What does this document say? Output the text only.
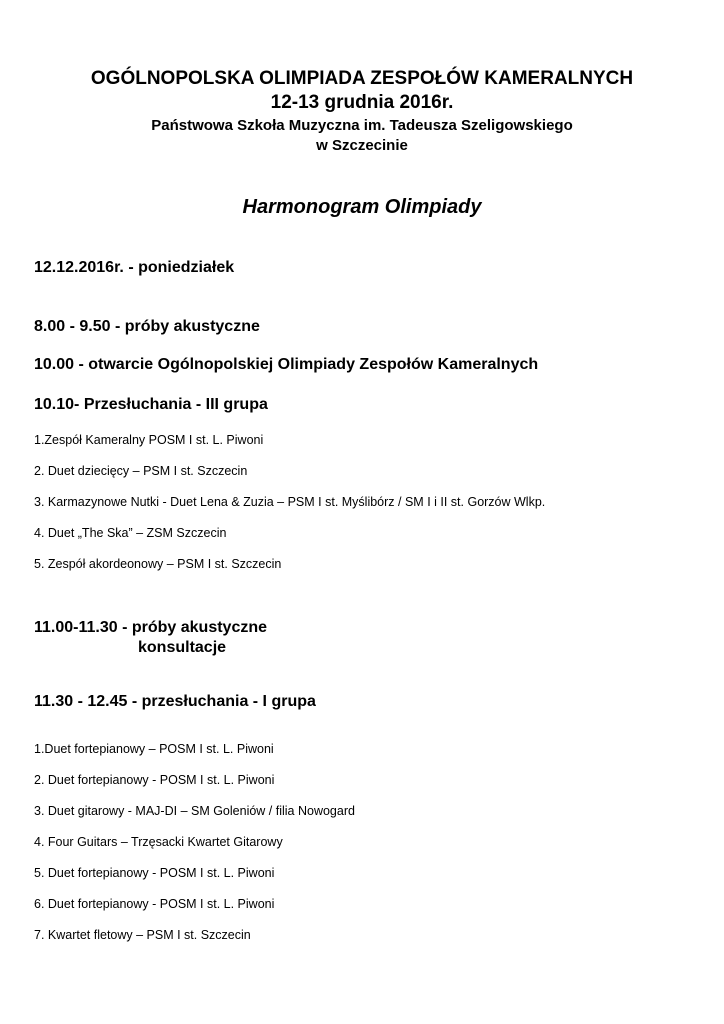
OGÓLNOPOLSKA OLIMPIADA ZESPOŁÓW KAMERALNYCH
12-13 grudnia 2016r.
Państwowa Szkoła Muzyczna im. Tadeusza Szeligowskiego
w Szczecinie
Harmonogram Olimpiady
12.12.2016r. - poniedziałek
8.00 - 9.50 - próby akustyczne
10.00 - otwarcie Ogólnopolskiej Olimpiady Zespołów Kameralnych
10.10- Przesłuchania - III grupa
1.Zespół Kameralny POSM I st. L. Piwoni
2. Duet dziecięcy – PSM I st. Szczecin
3. Karmazynowe Nutki - Duet Lena & Zuzia – PSM I st. Myślibórz / SM I i II st. Gorzów Wlkp.
4. Duet „The Ska” – ZSM Szczecin
5. Zespół akordeonowy – PSM I st. Szczecin
11.00-11.30 - próby akustyczne
konsultacje
11.30 - 12.45 - przesłuchania - I grupa
1.Duet fortepianowy – POSM I st. L. Piwoni
2. Duet fortepianowy - POSM I st. L. Piwoni
3. Duet gitarowy - MAJ-DI – SM Goleniów / filia Nowogard
4. Four Guitars – Trzęsacki Kwartet Gitarowy
5. Duet fortepianowy - POSM I st. L. Piwoni
6. Duet fortepianowy - POSM I st. L. Piwoni
7. Kwartet fletowy – PSM I st. Szczecin
